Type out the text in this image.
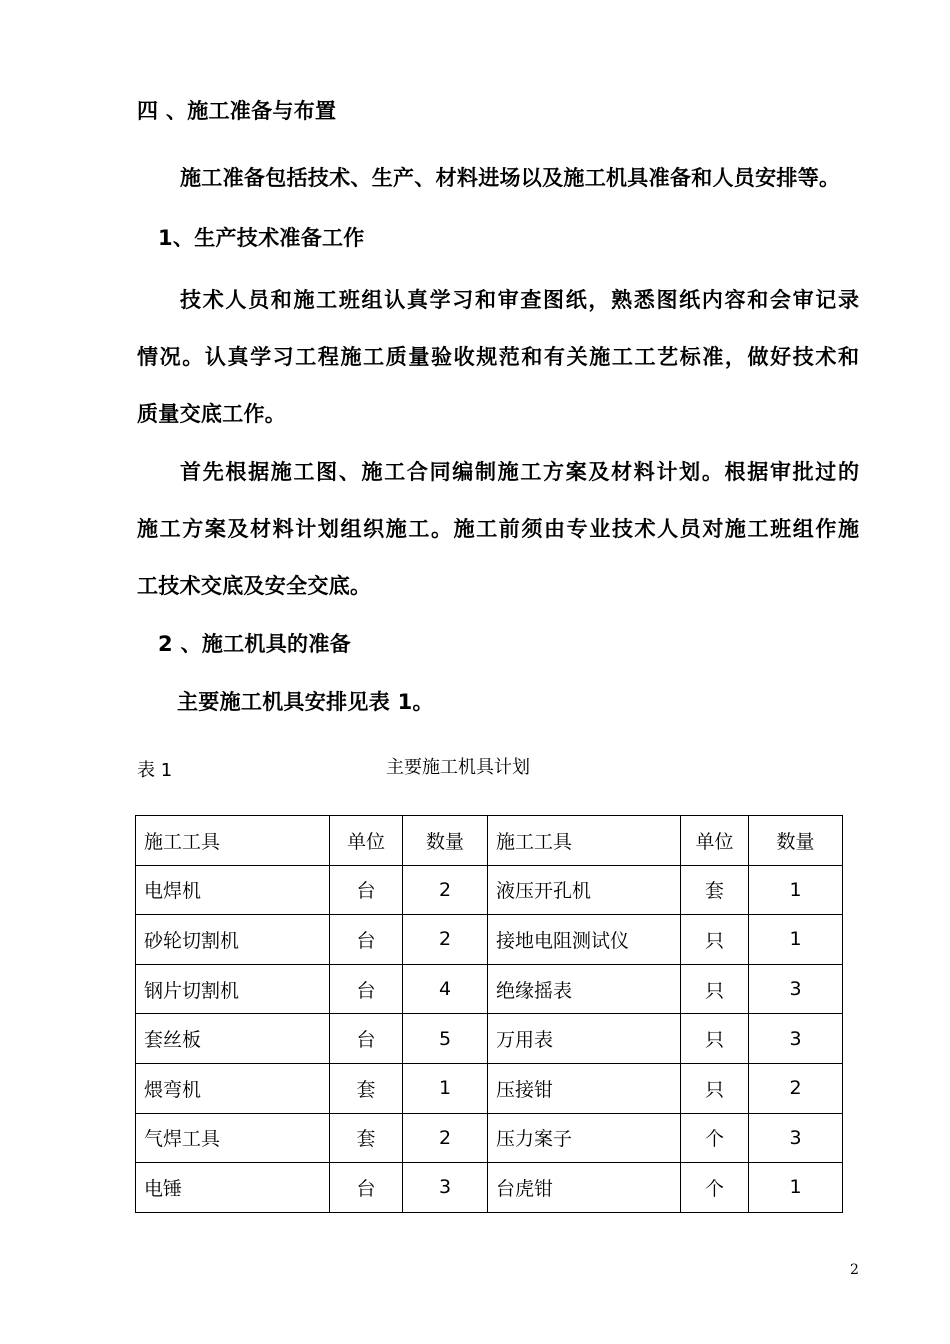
四 、施工准备与布置
施工准备包括技术、生产、材料进场以及施工机具准备和人员安排等。
1、生产技术准备工作
技术人员和施工班组认真学习和审查图纸，熟悉图纸内容和会审记录
情况。认真学习工程施工质量验收规范和有关施工工艺标准，做好技术和
质量交底工作。
首先根据施工图、施工合同编制施工方案及材料计划。根据审批过的
施工方案及材料计划组织施工。施工前须由专业技术人员对施工班组作施
工技术交底及安全交底。
2 、施工机具的准备
主要施工机具安排见表 1。
表 1	主要施工机具计划
施工工具	单位	数量	施工工具	单位	数量
电焊机	台	2	液压开孔机	套	1
砂轮切割机	台	2	接地电阻测试仪	只	1
钢片切割机	台	4	绝缘摇表	只	3
套丝板	台	5	万用表	只	3
煨弯机	套	1	压接钳	只	2
气焊工具	套	2	压力案子	个	3
电锤	台	3	台虎钳	个	1
2
